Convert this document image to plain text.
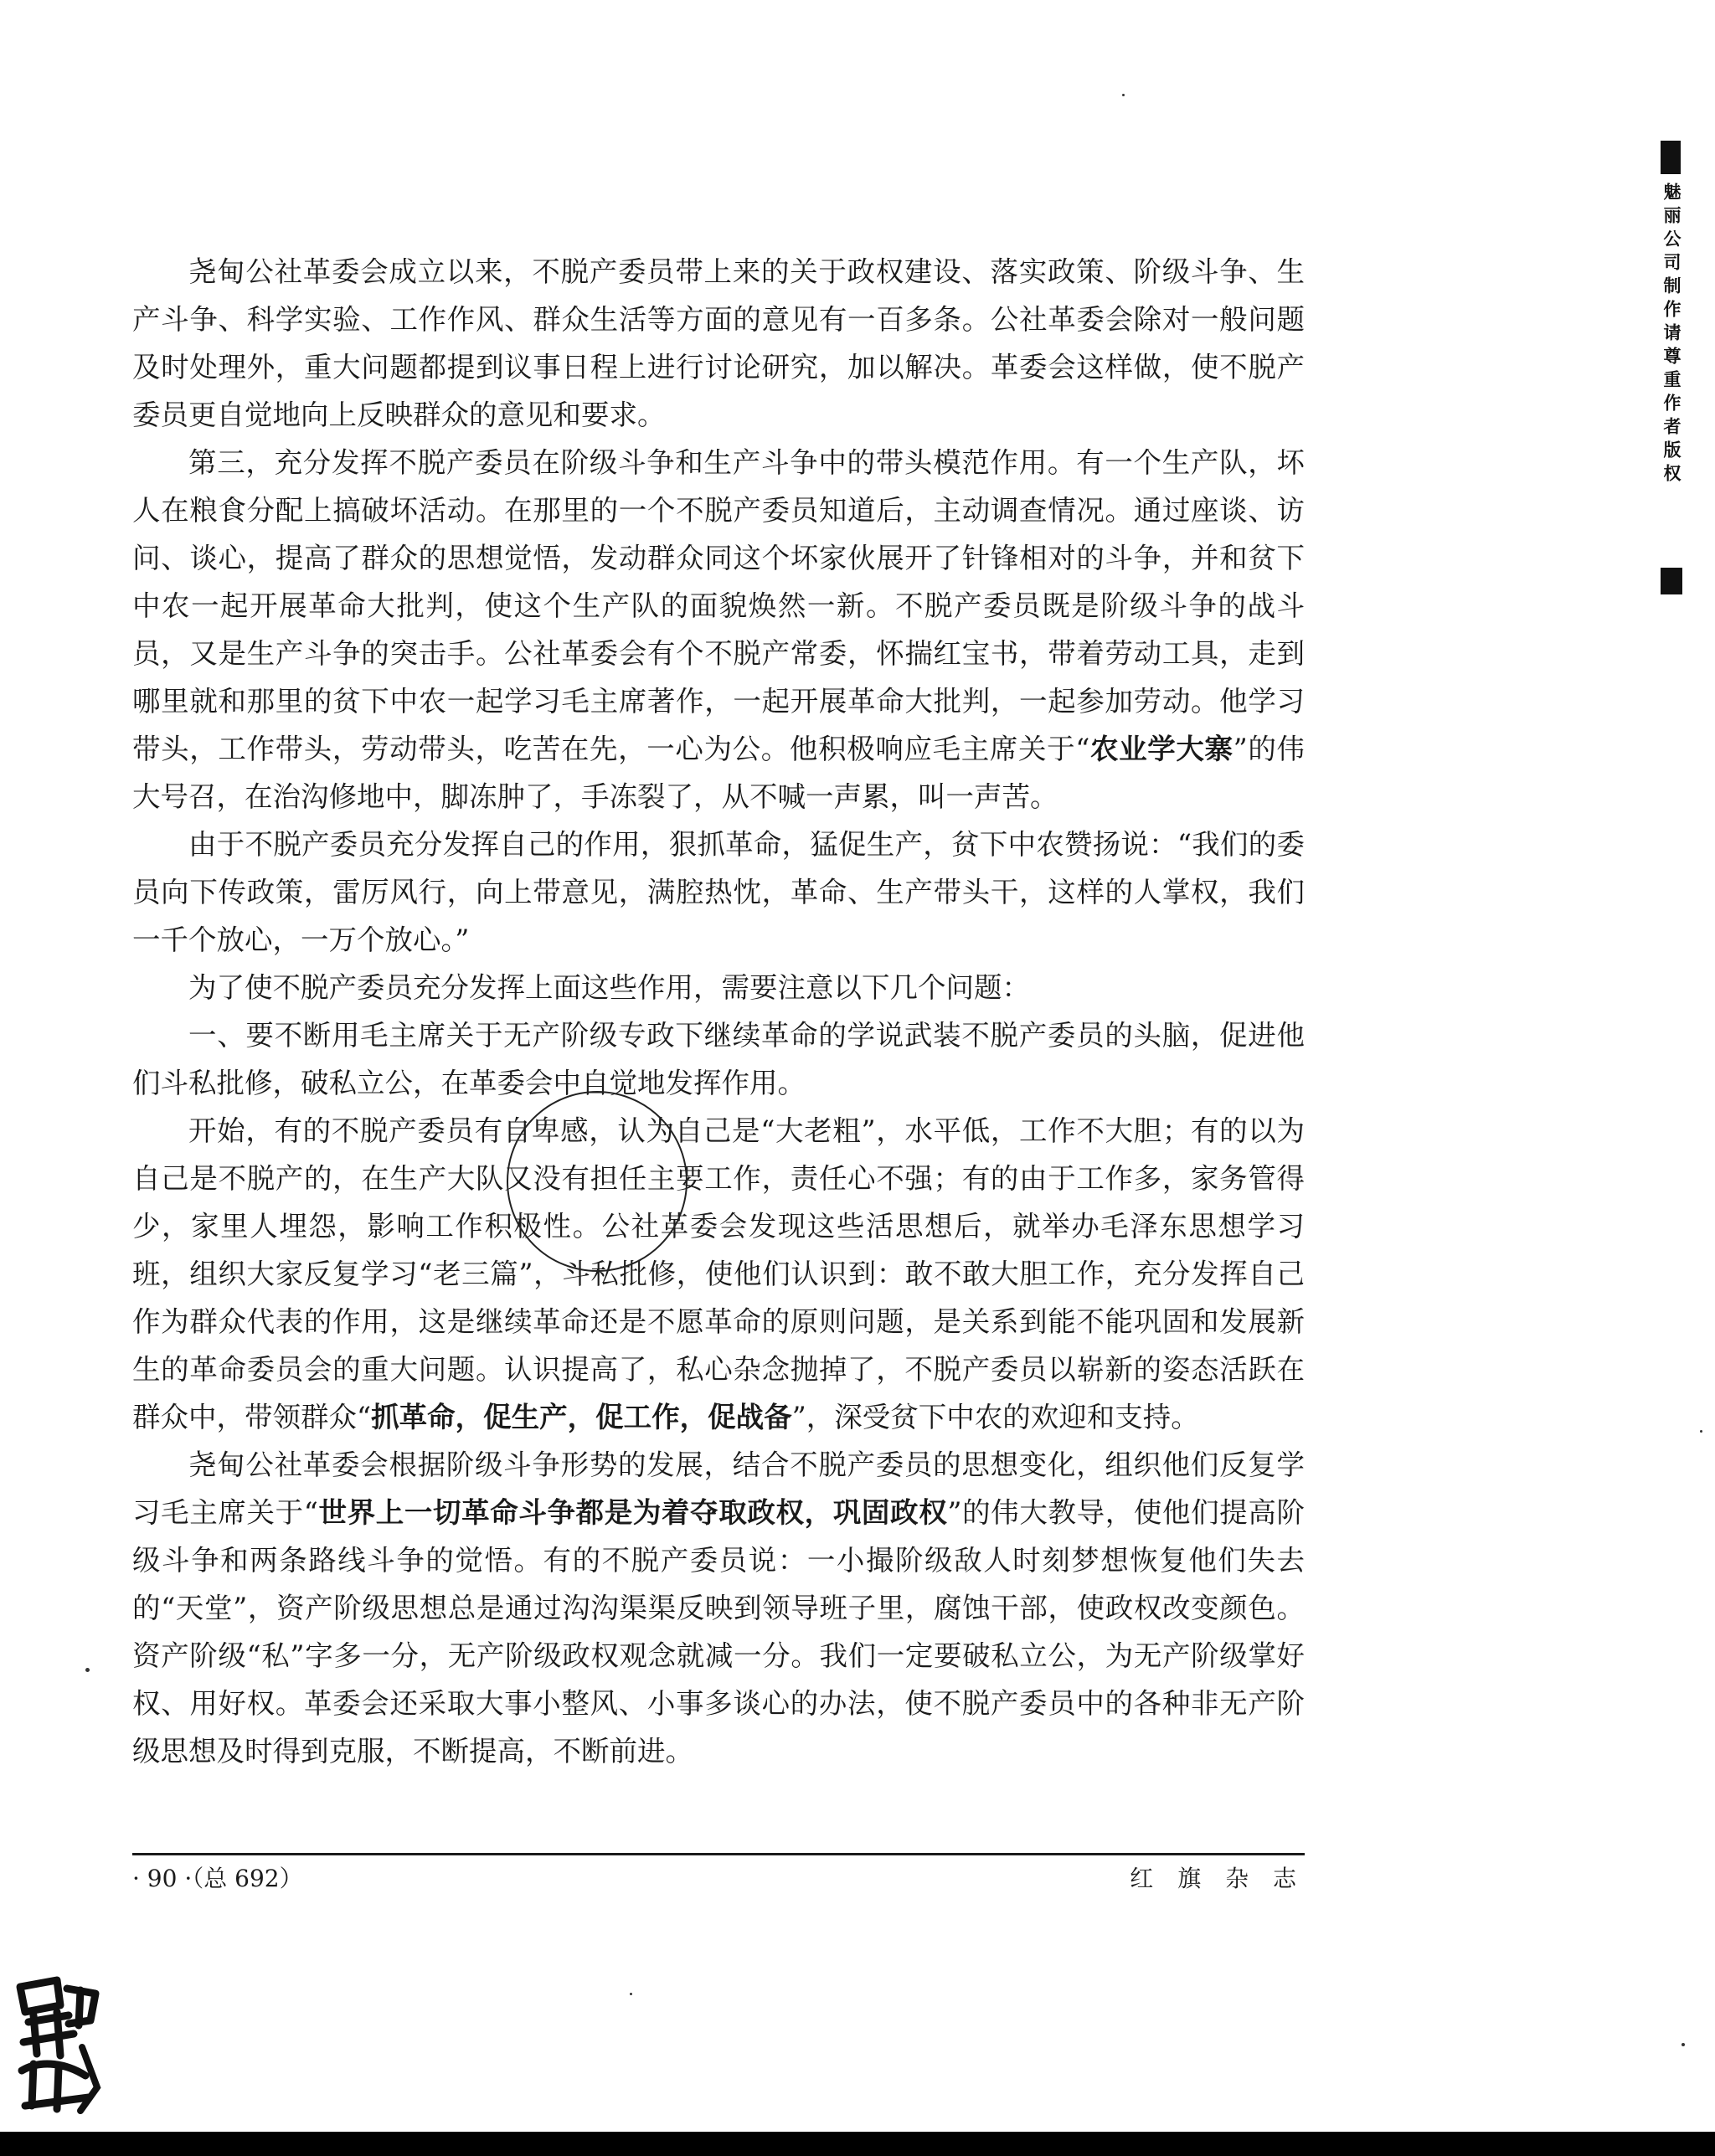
魅丽公司制作请尊重作者版权

尧甸公社革委会成立以来，不脱产委员带上来的关于政权建设、落实政策、阶级斗争、生产斗争、科学实验、工作作风、群众生活等方面的意见有一百多条。公社革委会除对一般问题及时处理外，重大问题都提到议事日程上进行讨论研究，加以解决。革委会这样做，使不脱产委员更自觉地向上反映群众的意见和要求。

第三，充分发挥不脱产委员在阶级斗争和生产斗争中的带头模范作用。有一个生产队，坏人在粮食分配上搞破坏活动。在那里的一个不脱产委员知道后，主动调查情况。通过座谈、访问、谈心，提高了群众的思想觉悟，发动群众同这个坏家伙展开了针锋相对的斗争，并和贫下中农一起开展革命大批判，使这个生产队的面貌焕然一新。不脱产委员既是阶级斗争的战斗员，又是生产斗争的突击手。公社革委会有个不脱产常委，怀揣红宝书，带着劳动工具，走到哪里就和那里的贫下中农一起学习毛主席著作，一起开展革命大批判，一起参加劳动。他学习带头，工作带头，劳动带头，吃苦在先，一心为公。他积极响应毛主席关于“农业学大寨”的伟大号召，在治沟修地中，脚冻肿了，手冻裂了，从不喊一声累，叫一声苦。

由于不脱产委员充分发挥自己的作用，狠抓革命，猛促生产，贫下中农赞扬说：“我们的委员向下传政策，雷厉风行，向上带意见，满腔热忱，革命、生产带头干，这样的人掌权，我们一千个放心，一万个放心。”

为了使不脱产委员充分发挥上面这些作用，需要注意以下几个问题：

一、要不断用毛主席关于无产阶级专政下继续革命的学说武装不脱产委员的头脑，促进他们斗私批修，破私立公，在革委会中自觉地发挥作用。

开始，有的不脱产委员有自卑感，认为自己是“大老粗”，水平低，工作不大胆；有的以为自己是不脱产的，在生产大队又没有担任主要工作，责任心不强；有的由于工作多，家务管得少，家里人埋怨，影响工作积极性。公社革委会发现这些活思想后，就举办毛泽东思想学习班，组织大家反复学习“老三篇”，斗私批修，使他们认识到：敢不敢大胆工作，充分发挥自己作为群众代表的作用，这是继续革命还是不愿革命的原则问题，是关系到能不能巩固和发展新生的革命委员会的重大问题。认识提高了，私心杂念抛掉了，不脱产委员以崭新的姿态活跃在群众中，带领群众“抓革命，促生产，促工作，促战备”，深受贫下中农的欢迎和支持。

尧甸公社革委会根据阶级斗争形势的发展，结合不脱产委员的思想变化，组织他们反复学习毛主席关于“世界上一切革命斗争都是为着夺取政权，巩固政权”的伟大教导，使他们提高阶级斗争和两条路线斗争的觉悟。有的不脱产委员说：一小撮阶级敌人时刻梦想恢复他们失去的“天堂”，资产阶级思想总是通过沟沟渠渠反映到领导班子里，腐蚀干部，使政权改变颜色。资产阶级“私”字多一分，无产阶级政权观念就减一分。我们一定要破私立公，为无产阶级掌好权、用好权。革委会还采取大事小整风、小事多谈心的办法，使不脱产委员中的各种非无产阶级思想及时得到克服，不断提高，不断前进。

· 90 ·（总 692）	红 旗 杂 志
